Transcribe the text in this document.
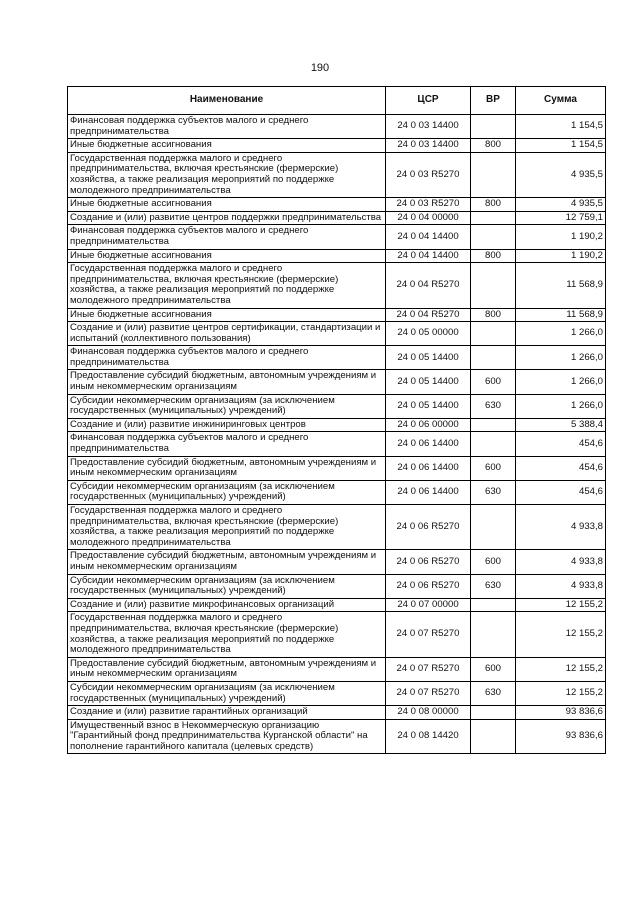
190
Наименование	ЦСР	ВР	Сумма
Финансовая поддержка субъектов малого и среднего предпринимательства	24 0 03 14400		1 154,5
Иные бюджетные ассигнования	24 0 03 14400	800	1 154,5
Государственная поддержка малого и среднего предпринимательства, включая крестьянские (фермерские) хозяйства, а также реализация мероприятий по поддержке молодежного предпринимательства	24 0 03 R5270		4 935,5
Иные бюджетные ассигнования	24 0 03 R5270	800	4 935,5
Создание и (или) развитие центров поддержки предпринимательства	24 0 04 00000		12 759,1
Финансовая поддержка субъектов малого и среднего предпринимательства	24 0 04 14400		1 190,2
Иные бюджетные ассигнования	24 0 04 14400	800	1 190,2
Государственная поддержка малого и среднего предпринимательства, включая крестьянские (фермерские) хозяйства, а также реализация мероприятий по поддержке молодежного предпринимательства	24 0 04 R5270		11 568,9
Иные бюджетные ассигнования	24 0 04 R5270	800	11 568,9
Создание и (или) развитие центров сертификации, стандартизации и испытаний (коллективного пользования)	24 0 05 00000		1 266,0
Финансовая поддержка субъектов малого и среднего предпринимательства	24 0 05 14400		1 266,0
Предоставление субсидий бюджетным, автономным учреждениям и иным некоммерческим организациям	24 0 05 14400	600	1 266,0
Субсидии некоммерческим организациям (за исключением государственных (муниципальных) учреждений)	24 0 05 14400	630	1 266,0
Создание и (или) развитие инжиниринговых центров	24 0 06 00000		5 388,4
Финансовая поддержка субъектов малого и среднего предпринимательства	24 0 06 14400		454,6
Предоставление субсидий бюджетным, автономным учреждениям и иным некоммерческим организациям	24 0 06 14400	600	454,6
Субсидии некоммерческим организациям (за исключением государственных (муниципальных) учреждений)	24 0 06 14400	630	454,6
Государственная поддержка малого и среднего предпринимательства, включая крестьянские (фермерские) хозяйства, а также реализация мероприятий по поддержке молодежного предпринимательства	24 0 06 R5270		4 933,8
Предоставление субсидий бюджетным, автономным учреждениям и иным некоммерческим организациям	24 0 06 R5270	600	4 933,8
Субсидии некоммерческим организациям (за исключением государственных (муниципальных) учреждений)	24 0 06 R5270	630	4 933,8
Создание и (или) развитие микрофинансовых организаций	24 0 07 00000		12 155,2
Государственная поддержка малого и среднего предпринимательства, включая крестьянские (фермерские) хозяйства, а также реализация мероприятий по поддержке молодежного предпринимательства	24 0 07 R5270		12 155,2
Предоставление субсидий бюджетным, автономным учреждениям и иным некоммерческим организациям	24 0 07 R5270	600	12 155,2
Субсидии некоммерческим организациям (за исключением государственных (муниципальных) учреждений)	24 0 07 R5270	630	12 155,2
Создание и (или) развитие гарантийных организаций	24 0 08 00000		93 836,6
Имущественный взнос в Некоммерческую организацию "Гарантийный фонд предпринимательства Курганской области" на пополнение гарантийного капитала (целевых средств)	24 0 08 14420		93 836,6
